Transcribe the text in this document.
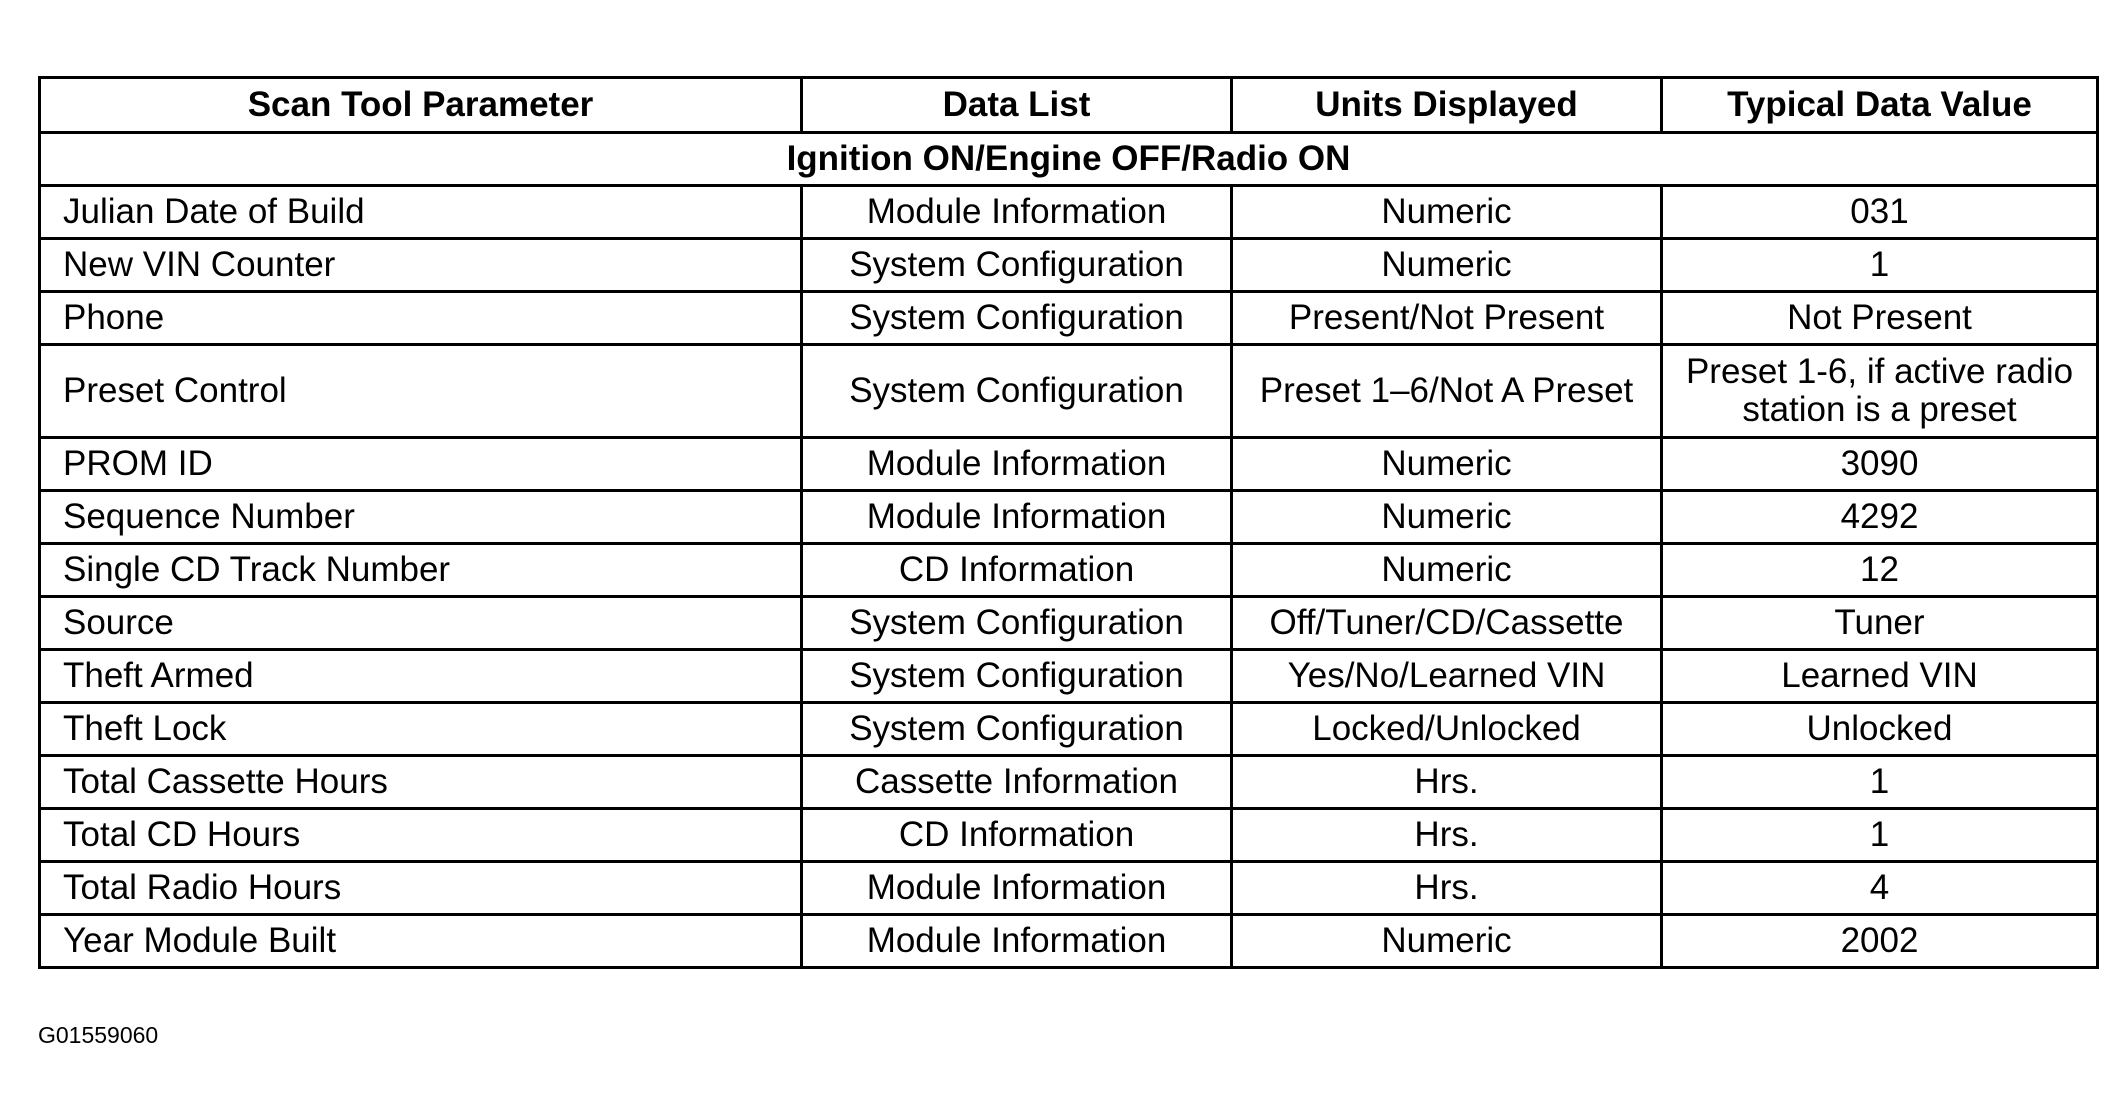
Scan Tool Parameter	Data List	Units Displayed	Typical Data Value
Ignition ON/Engine OFF/Radio ON			
Julian Date of Build	Module Information	Numeric	031
New VIN Counter	System Configuration	Numeric	1
Phone	System Configuration	Present/Not Present	Not Present
Preset Control	System Configuration	Preset 1–6/Not A Preset	Preset 1-6, if active radio station is a preset
PROM ID	Module Information	Numeric	3090
Sequence Number	Module Information	Numeric	4292
Single CD Track Number	CD Information	Numeric	12
Source	System Configuration	Off/Tuner/CD/Cassette	Tuner
Theft Armed	System Configuration	Yes/No/Learned VIN	Learned VIN
Theft Lock	System Configuration	Locked/Unlocked	Unlocked
Total Cassette Hours	Cassette Information	Hrs.	1
Total CD Hours	CD Information	Hrs.	1
Total Radio Hours	Module Information	Hrs.	4
Year Module Built	Module Information	Numeric	2002
G01559060
